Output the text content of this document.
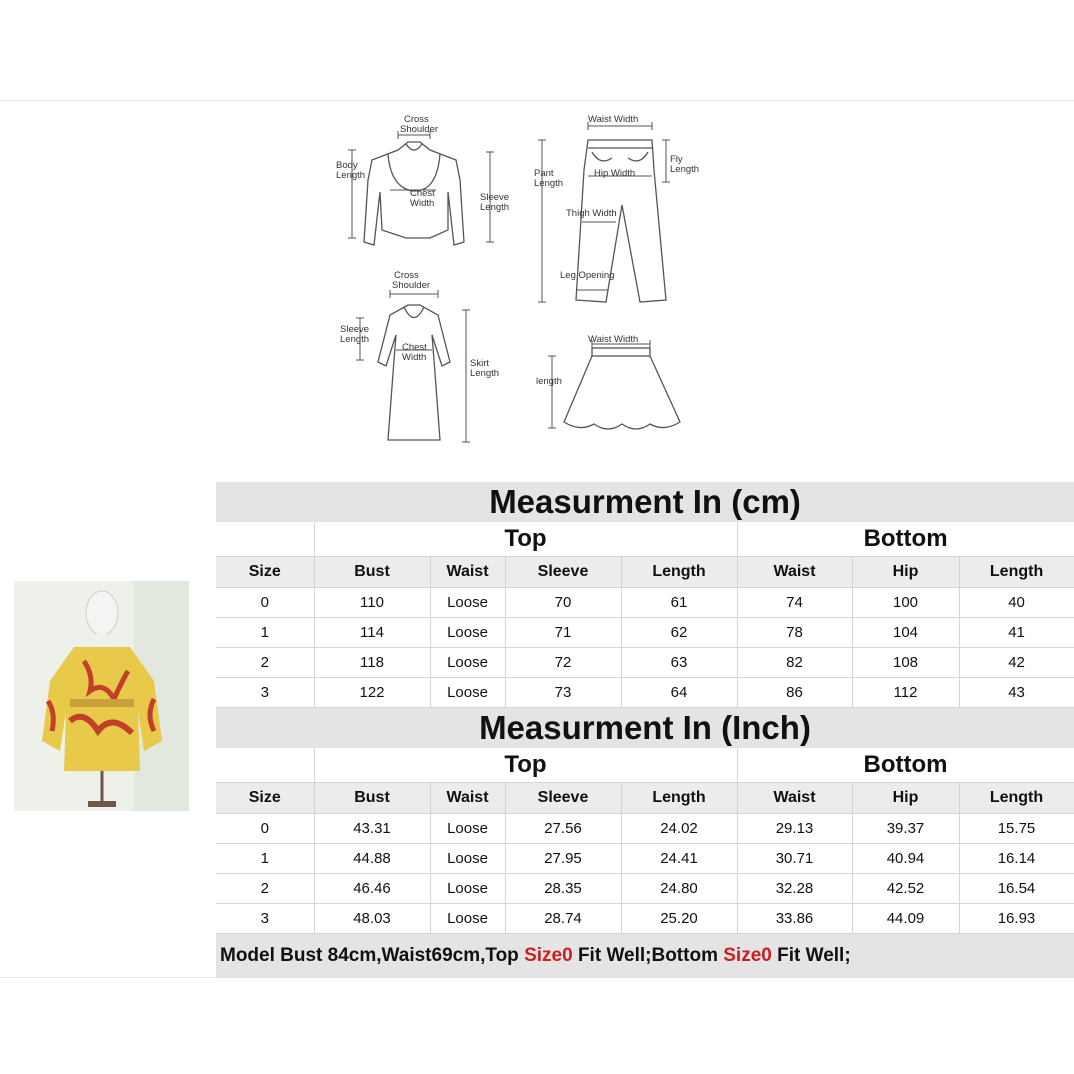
Cross
Shoulder
Body
Length
Chest
Width
Sleeve
Length
Waist Width
Pant
Length
Hip Width
Fly
Length
Thigh Width
Leg Opening
Cross
Shoulder
Sleeve
Length
Chest
Width
Skirt
Length
Waist Width
length
Measurment In (cm)							
	Top				Bottom		
Size	Bust	Waist	Sleeve	Length	Waist	Hip	Length
0	110	Loose	70	61	74	100	40
1	114	Loose	71	62	78	104	41
2	118	Loose	72	63	82	108	42
3	122	Loose	73	64	86	112	43
Measurment In (Inch)							
	Top				Bottom		
Size	Bust	Waist	Sleeve	Length	Waist	Hip	Length
0	43.31	Loose	27.56	24.02	29.13	39.37	15.75
1	44.88	Loose	27.95	24.41	30.71	40.94	16.14
2	46.46	Loose	28.35	24.80	32.28	42.52	16.54
3	48.03	Loose	28.74	25.20	33.86	44.09	16.93
Model Bust 84cm,Waist69cm,Top Size0 Fit Well;Bottom Size0 Fit Well;
